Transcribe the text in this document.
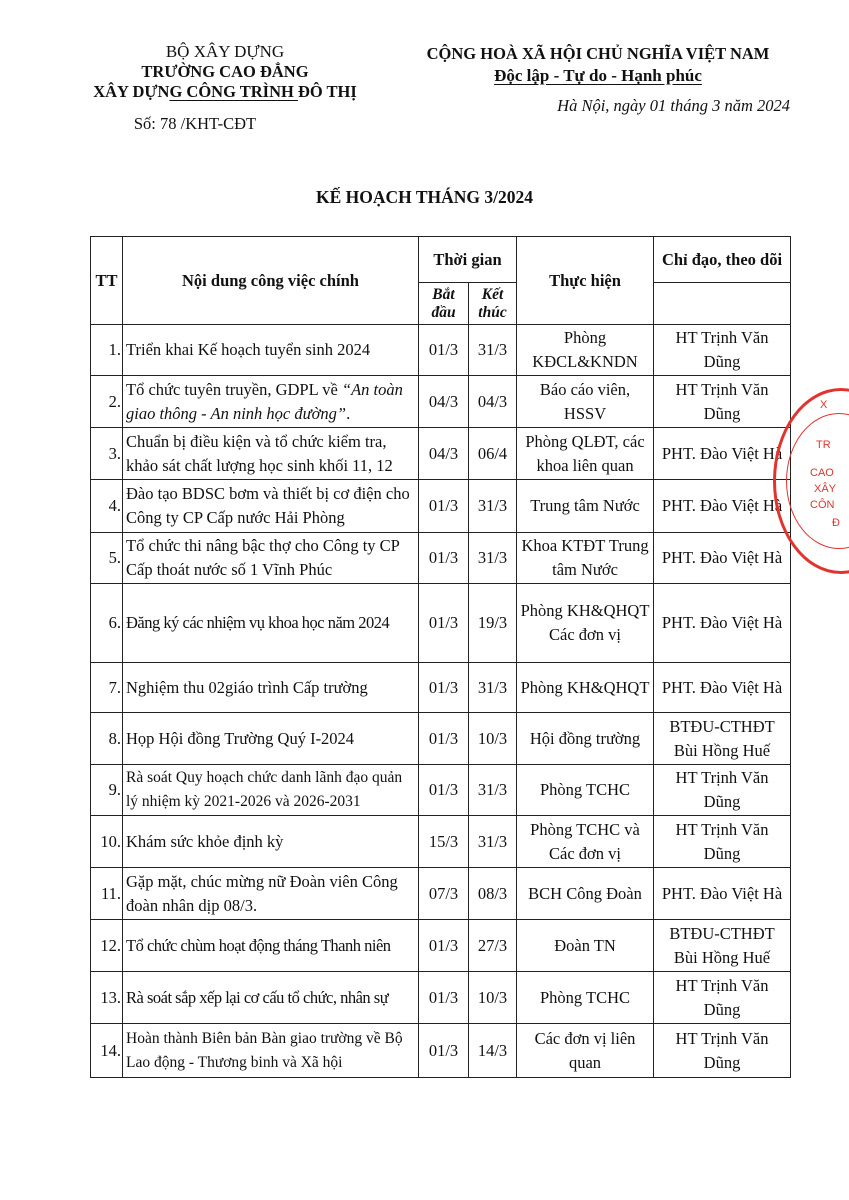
BỘ XÂY DỰNG
TRƯỜNG CAO ĐẲNG
XÂY DỰNG CÔNG TRÌNH ĐÔ THỊ
Số: 78 /KHT-CĐT
CỘNG HOÀ XÃ HỘI CHỦ NGHĨA VIỆT NAM
Độc lập - Tự do - Hạnh phúc
Hà Nội, ngày 01 tháng 3 năm 2024
KẾ HOẠCH THÁNG 3/2024
TT	Nội dung công việc chính	Thời gian		Thực hiện	Chỉ đạo, theo dõi
		Bắt đầu	Kết thúc		
1.	Triển khai Kế hoạch tuyển sinh 2024	01/3	31/3	Phòng KĐCL&KNDN	HT Trịnh Văn Dũng
2.	Tổ chức tuyên truyền, GDPL về “An toàn giao thông - An ninh học đường”.	04/3	04/3	Báo cáo viên, HSSV	HT Trịnh Văn Dũng
3.	Chuẩn bị điều kiện và tổ chức kiểm tra, khảo sát chất lượng học sinh khối 11, 12	04/3	06/4	Phòng QLĐT, các khoa liên quan	PHT. Đào Việt Hà
4.	Đào tạo BDSC bơm và thiết bị cơ điện cho Công ty CP Cấp nước Hải Phòng	01/3	31/3	Trung tâm Nước	PHT. Đào Việt Hà
5.	Tổ chức thi nâng bậc thợ cho Công ty CP Cấp thoát nước số 1 Vĩnh Phúc	01/3	31/3	Khoa KTĐT Trung tâm Nước	PHT. Đào Việt Hà
6.	Đăng ký các nhiệm vụ khoa học năm 2024	01/3	19/3	Phòng KH&QHQT Các đơn vị	PHT. Đào Việt Hà
7.	Nghiệm thu 02giáo trình Cấp trường	01/3	31/3	Phòng KH&QHQT	PHT. Đào Việt Hà
8.	Họp Hội đồng Trường Quý I-2024	01/3	10/3	Hội đồng trường	BTĐU-CTHĐT Bùi Hồng Huế
9.	Rà soát Quy hoạch chức danh lãnh đạo quản lý nhiệm kỳ 2021-2026 và 2026-2031	01/3	31/3	Phòng TCHC	HT Trịnh Văn Dũng
10.	Khám sức khỏe định kỳ	15/3	31/3	Phòng TCHC và Các đơn vị	HT Trịnh Văn Dũng
11.	Gặp mặt, chúc mừng nữ Đoàn viên Công đoàn nhân dịp 08/3.	07/3	08/3	BCH Công Đoàn	PHT. Đào Việt Hà
12.	Tổ chức chùm hoạt động tháng Thanh niên	01/3	27/3	Đoàn TN	BTĐU-CTHĐT Bùi Hồng Huế
13.	Rà soát sắp xếp lại cơ cấu tổ chức, nhân sự	01/3	10/3	Phòng TCHC	HT Trịnh Văn Dũng
14.	Hoàn thành Biên bản Bàn giao trường về Bộ Lao động - Thương binh và Xã hội	01/3	14/3	Các đơn vị liên quan	HT Trịnh Văn Dũng
X
TR
CAO
XÂY
CÔN
Đ
